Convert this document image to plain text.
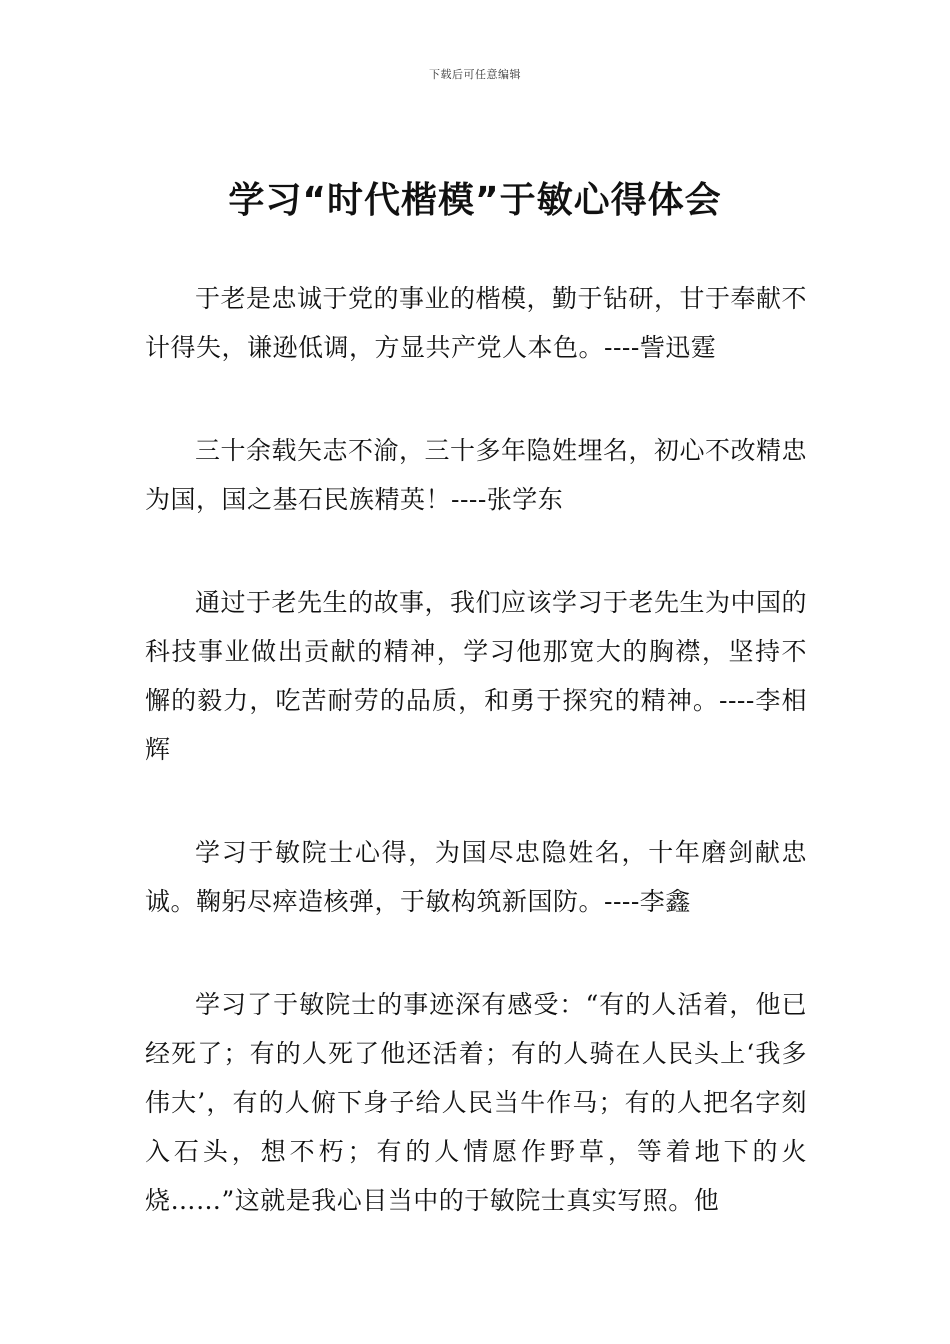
下载后可任意编辑
学习“时代楷模”于敏心得体会

于老是忠诚于党的事业的楷模，勤于钻研，甘于奉献不计得失，谦逊低调，方显共产党人本色。----訾迅霆

三十余载矢志不渝，三十多年隐姓埋名，初心不改精忠为国，国之基石民族精英！----张学东

通过于老先生的故事，我们应该学习于老先生为中国的科技事业做出贡献的精神，学习他那宽大的胸襟，坚持不懈的毅力，吃苦耐劳的品质，和勇于探究的精神。----李相辉

学习于敏院士心得，为国尽忠隐姓名，十年磨剑献忠诚。鞠躬尽瘁造核弹，于敏构筑新国防。----李鑫

学习了于敏院士的事迹深有感受：“有的人活着，他已经死了；有的人死了他还活着；有的人骑在人民头上‘我多伟大’，有的人俯下身子给人民当牛作马；有的人把名字刻入石头，想不朽；有的人情愿作野草，等着地下的火烧……”这就是我心目当中的于敏院士真实写照。他
